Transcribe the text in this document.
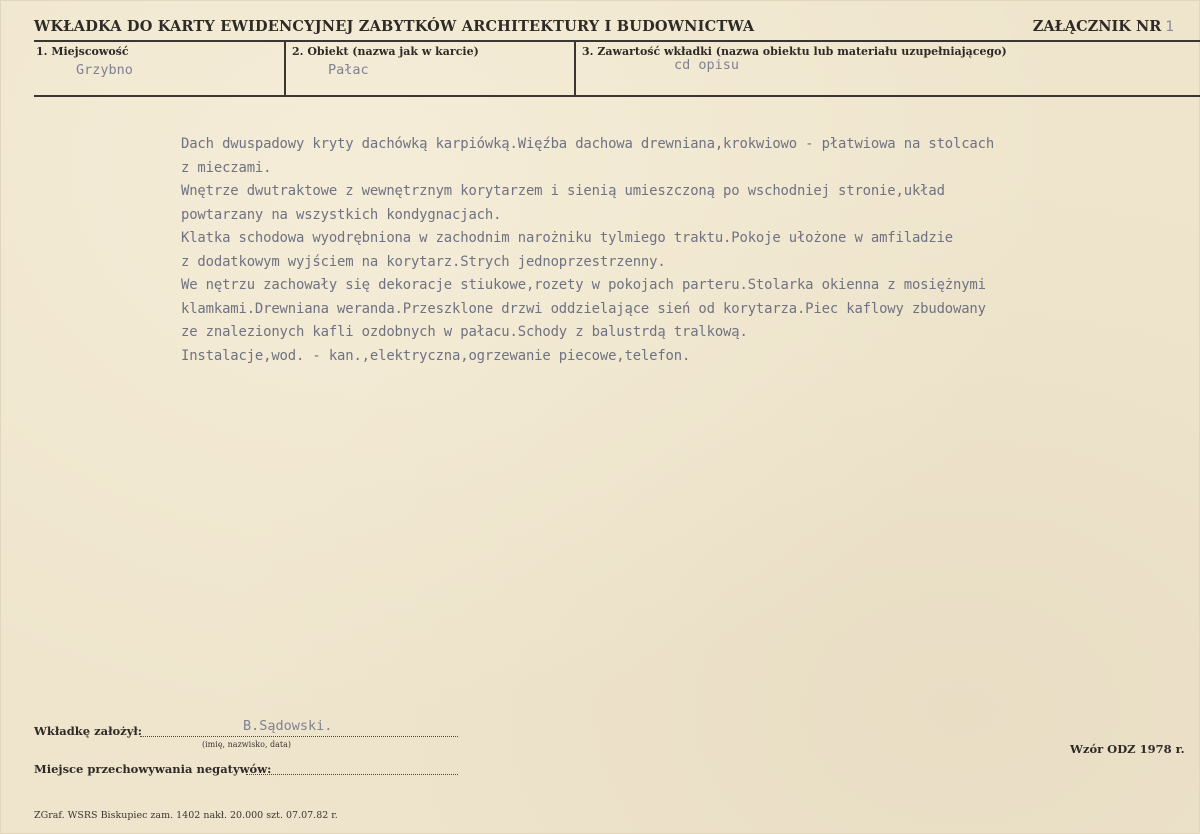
WKŁADKA DO KARTY EWIDENCYJNEJ ZABYTKÓW ARCHITEKTURY I BUDOWNICTWA	ZAŁĄCZNIK NR 1
1. Miejscowość
Grzybno
2. Obiekt (nazwa jak w karcie)
Pałac
3. Zawartość wkładki (nazwa obiektu lub materiału uzupełniającego)
cd opisu
Dach dwuspadowy kryty dachówką karpiówką.Więźba dachowa drewniana,krokwiowo - płatwiowa na stolcach
z mieczami.
Wnętrze dwutraktowe z wewnętrznym korytarzem i sienią umieszczoną po wschodniej stronie,układ
powtarzany na wszystkich kondygnacjach.
Klatka schodowa wyodrębniona w zachodnim narożniku tylmiego traktu.Pokoje ułożone w amfiladzie
z dodatkowym wyjściem na korytarz.Strych jednoprzestrzenny.
We nętrzu zachowały się dekoracje stiukowe,rozety w pokojach parteru.Stolarka okienna z mosiężnymi
klamkami.Drewniana weranda.Przeszklone drzwi oddzielające sień od korytarza.Piec kaflowy zbudowany
ze znalezionych kafli ozdobnych w pałacu.Schody z balustrdą tralkową.
Instalacje,wod. - kan.,elektryczna,ogrzewanie piecowe,telefon.
Wkładkę założył:	B.Sądowski.
(imię, nazwisko, data)
Miejsce przechowywania negatywów:
Wzór ODZ 1978 r.
ZGraf. WSRS Biskupiec zam. 1402 nakł. 20.000 szt. 07.07.82 r.
